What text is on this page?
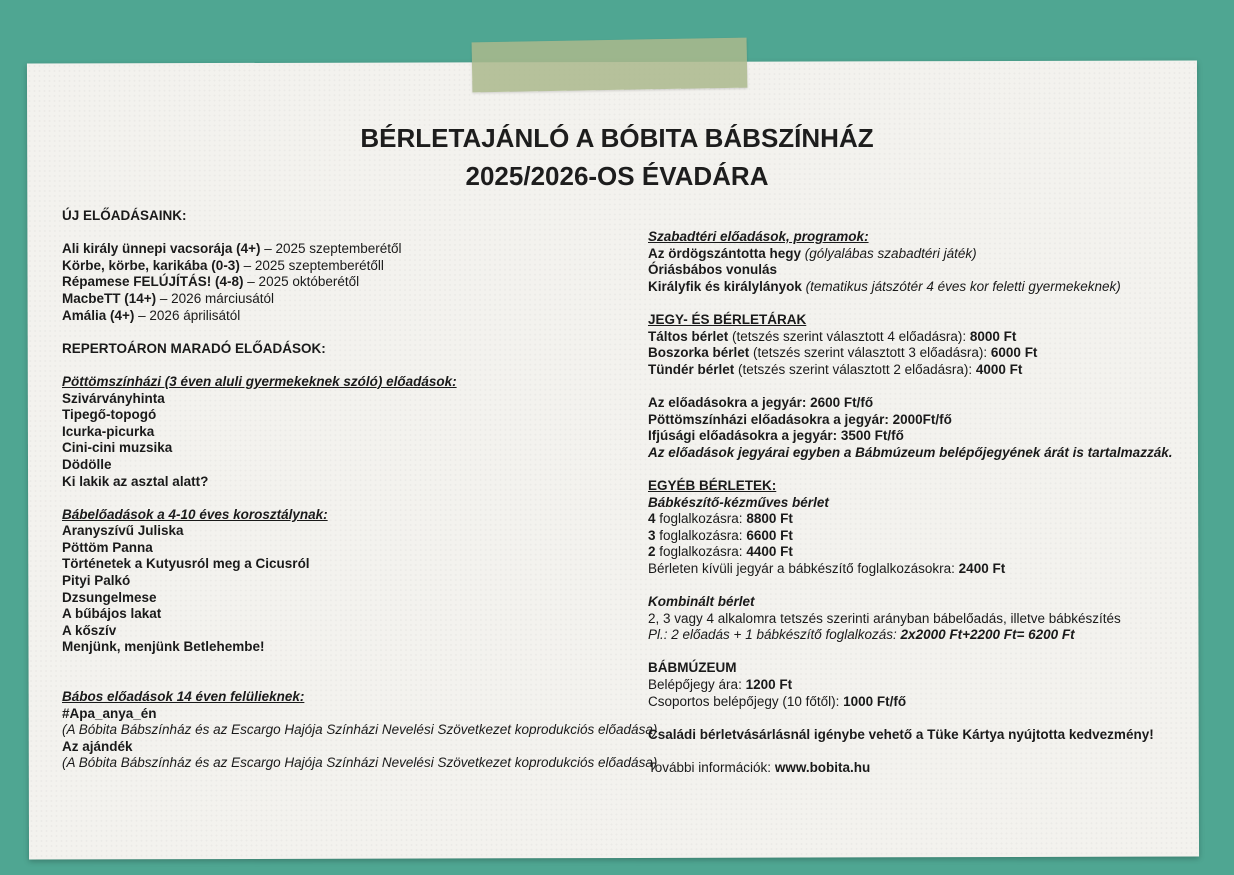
BÉRLETAJÁNLÓ A BÓBITA BÁBSZÍNHÁZ
2025/2026-OS ÉVADÁRA
ÚJ ELŐADÁSAINK:
Ali király ünnepi vacsorája (4+) – 2025 szeptemberétől
Körbe, körbe, karikába (0-3) – 2025 szeptemberétőll
Répamese FELÚJÍTÁS! (4-8) – 2025 októberétől
MacbeTT (14+) – 2026 márciusától
Amália (4+) – 2026 áprilisától
REPERTOÁRON MARADÓ ELŐADÁSOK:
Pöttömszínházi (3 éven aluli gyermekeknek szóló) előadások:
Szivárványhinta
Tipegő-topogó
Icurka-picurka
Cini-cini muzsika
Dödölle
Ki lakik az asztal alatt?
Bábelőadások a 4-10 éves korosztálynak:
Aranyszívű Juliska
Pöttöm Panna
Történetek a Kutyusról meg a Cicusról
Pityi Palkó
Dzsungelmese
A bűbájos lakat
A kőszív
Menjünk, menjünk Betlehembe!
Bábos előadások 14 éven felülieknek:
#Apa_anya_én
(A Bóbita Bábszínház és az Escargo Hajója Színházi Nevelési Szövetkezet koprodukciós előadása)
Az ajándék
(A Bóbita Bábszínház és az Escargo Hajója Színházi Nevelési Szövetkezet koprodukciós előadása)
Szabadtéri előadások, programok:
Az ördögszántotta hegy (gólyalábas szabadtéri játék)
Óriásbábos vonulás
Királyfik és királylányok (tematikus játszótér 4 éves kor feletti gyermekeknek)
JEGY- ÉS BÉRLETÁRAK
Táltos bérlet (tetszés szerint választott 4 előadásra): 8000 Ft
Boszorka bérlet (tetszés szerint választott 3 előadásra): 6000 Ft
Tündér bérlet (tetszés szerint választott 2 előadásra): 4000 Ft
Az előadásokra a jegyár: 2600 Ft/fő
Pöttömszínházi előadásokra a jegyár: 2000Ft/fő
Ifjúsági előadásokra a jegyár: 3500 Ft/fő
Az előadások jegyárai egyben a Bábmúzeum belépőjegyének árát is tartalmazzák.
EGYÉB BÉRLETEK:
Bábkészítő-kézműves bérlet
4 foglalkozásra: 8800 Ft
3 foglalkozásra: 6600 Ft
2 foglalkozásra: 4400 Ft
Bérleten kívüli jegyár a bábkészítő foglalkozásokra: 2400 Ft
Kombinált bérlet
2, 3 vagy 4 alkalomra tetszés szerinti arányban bábelőadás, illetve bábkészítés
Pl.: 2 előadás + 1 bábkészítő foglalkozás: 2x2000 Ft+2200 Ft= 6200 Ft
BÁBMÚZEUM
Belépőjegy ára: 1200 Ft
Csoportos belépőjegy (10 főtől): 1000 Ft/fő
Családi bérletvásárlásnál igénybe vehető a Tüke Kártya nyújtotta kedvezmény!
További információk: www.bobita.hu
